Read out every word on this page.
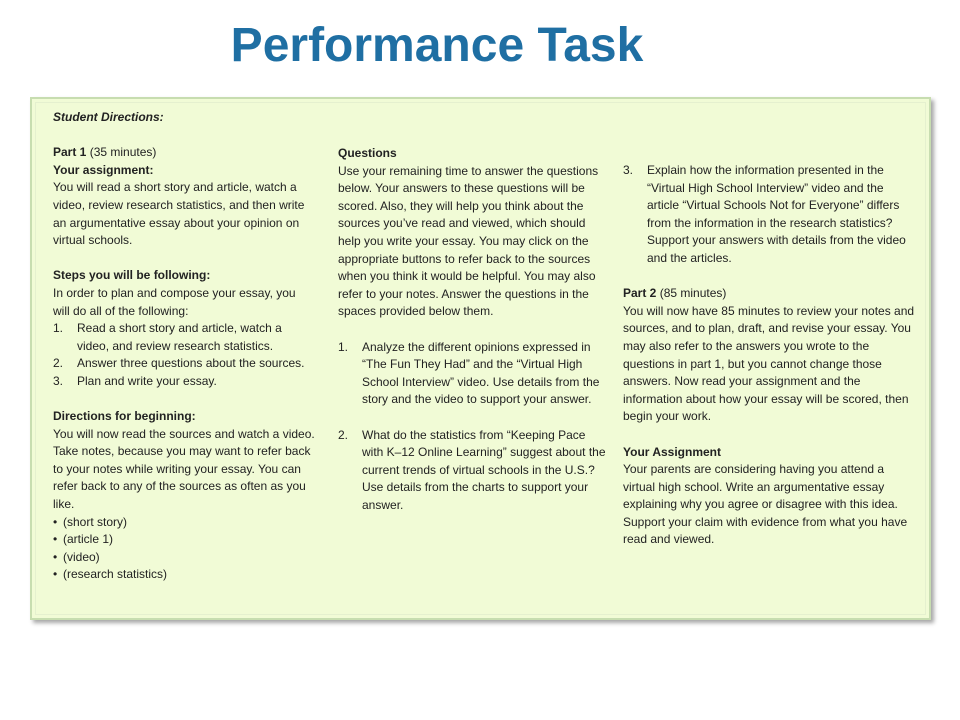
Performance Task

Student Directions:

Part 1 (35 minutes)

Your assignment:

You will read a short story and article, watch a video, review research statistics, and then write an argumentative essay about your opinion on virtual schools.

Steps you will be following:

In order to plan and compose your essay, you will do all of the following:

1.	Read a short story and article, watch a video, and review research statistics.
2.	Answer three questions about the sources.
3.	Plan and write your essay.

Directions for beginning:

You will now read the sources and watch a video. Take notes, because you may want to refer back to your notes while writing your essay. You can refer back to any of the sources as often as you like.

• (short story)
• (article 1)
• (video)
• (research statistics)

Questions

Use your remaining time to answer the questions below. Your answers to these questions will be scored. Also, they will help you think about the sources you’ve read and viewed, which should help you write your essay. You may click on the appropriate buttons to refer back to the sources when you think it would be helpful. You may also refer to your notes. Answer the questions in the spaces provided below them.

1.	Analyze the different opinions expressed in “The Fun They Had” and the “Virtual High School Interview” video. Use details from the story and the video to support your answer.
2.	What do the statistics from “Keeping Pace with K–12 Online Learning” suggest about the current trends of virtual schools in the U.S.? Use details from the charts to support your answer.
3.	Explain how the information presented in the “Virtual High School Interview” video and the article “Virtual Schools Not for Everyone” differs from the information in the research statistics? Support your answers with details from the video and the articles.

Part 2 (85 minutes)

You will now have 85 minutes to review your notes and sources, and to plan, draft, and revise your essay. You may also refer to the answers you wrote to the questions in part 1, but you cannot change those answers. Now read your assignment and the information about how your essay will be scored, then begin your work.

Your Assignment

Your parents are considering having you attend a virtual high school. Write an argumentative essay explaining why you agree or disagree with this idea. Support your claim with evidence from what you have read and viewed.
